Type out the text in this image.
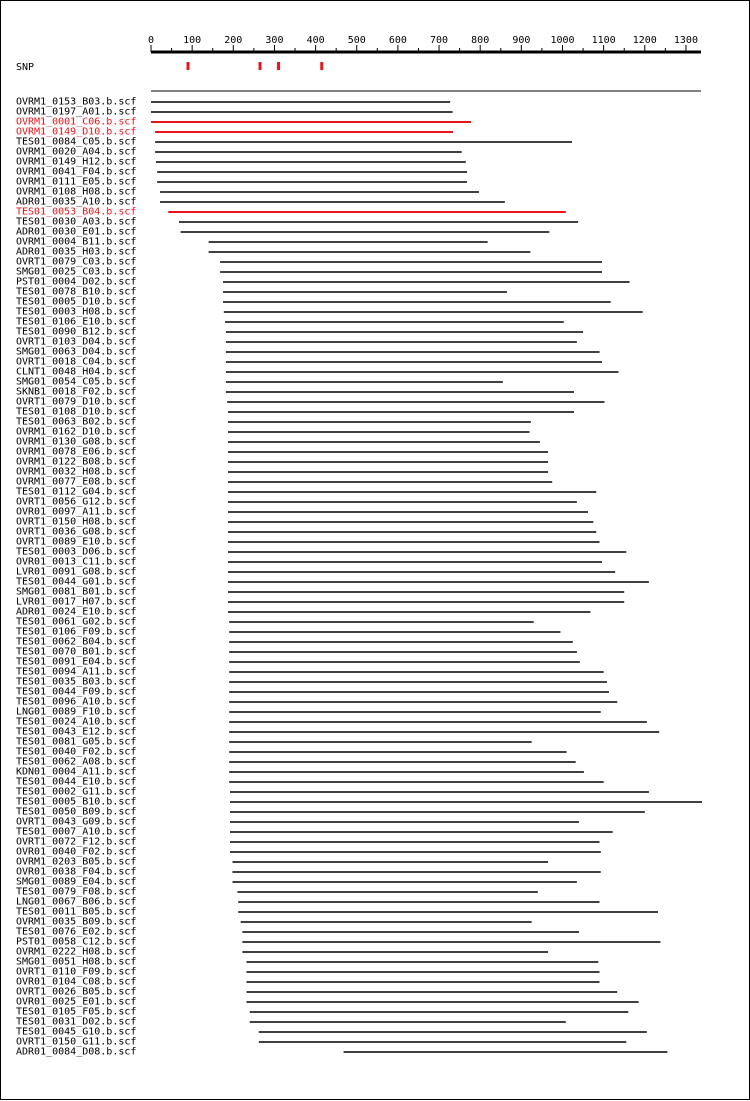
0	100 200 300 400 500 600 700 800 900 1000 1100 1200 1300
SNP
OVRM1_0153_B03.b.scf
OVRM1_0197_A01.b.scf
OVRM1_0001_C06.b.scf
OVRM1_0149_D10.b.scf
TES01_0084_C05.b.scf
OVRM1_0020_A04.b.scf
OVRM1_0149_H12.b.scf
OVRM1_0041_F04.b.scf
OVRM1_0111_E05.b.scf
OVRM1_0108_H08.b.scf
ADR01_0035_A10.b.scf
TES01_0053_B04.b.scf
TES01_0030_A03.b.scf
ADR01_0030_E01.b.scf
OVRM1_0004_B11.b.scf
ADR01_0035_H03.b.scf
OVRT1_0079_C03.b.scf
SMG01_0025_C03.b.scf
PST01_0004_D02.b.scf
TES01_0078_B10.b.scf
TES01_0005_D10.b.scf
TES01_0003_H08.b.scf
TES01_0106_E10.b.scf
TES01_0090_B12.b.scf
OVRT1_0103_D04.b.scf
SMG01_0063_D04.b.scf
OVRT1_0018_C04.b.scf
CLNT1_0048_H04.b.scf
SMG01_0054_C05.b.scf
SKNB1_0018_F02.b.scf
OVRT1_0079_D10.b.scf
TES01_0108_D10.b.scf
TES01_0063_B02.b.scf
OVRM1_0162_D10.b.scf
OVRM1_0130_G08.b.scf
OVRM1_0078_E06.b.scf
OVRM1_0122_B08.b.scf
OVRM1_0032_H08.b.scf
OVRM1_0077_E08.b.scf
TES01_0112_G04.b.scf
OVRT1_0056_G12.b.scf
OVR01_0097_A11.b.scf
OVRT1_0150_H08.b.scf
OVRT1_0036_G08.b.scf
OVRT1_0089_E10.b.scf
TES01_0003_D06.b.scf
OVR01_0013_C11.b.scf
LVR01_0091_G08.b.scf
TES01_0044_G01.b.scf
SMG01_0081_B01.b.scf
LVR01_0017_H07.b.scf
ADR01_0024_E10.b.scf
TES01_0061_G02.b.scf
TES01_0106_F09.b.scf
TES01_0062_B04.b.scf
TES01_0070_B01.b.scf
TES01_0091_E04.b.scf
TES01_0094_A11.b.scf
TES01_0035_B03.b.scf
TES01_0044_F09.b.scf
TES01_0096_A10.b.scf
LNG01_0089_F10.b.scf
TES01_0024_A10.b.scf
TES01_0043_E12.b.scf
TES01_0081_G05.b.scf
TES01_0040_F02.b.scf
TES01_0062_A08.b.scf
KDN01_0004_A11.b.scf
TES01_0044_E10.b.scf
TES01_0002_G11.b.scf
TES01_0005_B10.b.scf
TES01_0050_B09.b.scf
OVRT1_0043_G09.b.scf
TES01_0007_A10.b.scf
OVRT1_0072_F12.b.scf
OVR01_0040_F02.b.scf
OVRM1_0203_B05.b.scf
OVR01_0038_F04.b.scf
SMG01_0089_E04.b.scf
TES01_0079_F08.b.scf
LNG01_0067_B06.b.scf
TES01_0011_B05.b.scf
OVRM1_0035_B09.b.scf
TES01_0076_E02.b.scf
PST01_0058_C12.b.scf
OVRM1_0222_H08.b.scf
SMG01_0051_H08.b.scf
OVRT1_0110_F09.b.scf
OVR01_0104_C08.b.scf
OVRT1_0026_B05.b.scf
OVR01_0025_E01.b.scf
TES01_0105_F05.b.scf
TES01_0031_D02.b.scf
TES01_0045_G10.b.scf
OVRT1_0150_G11.b.scf
ADR01_0084_D08.b.scf
